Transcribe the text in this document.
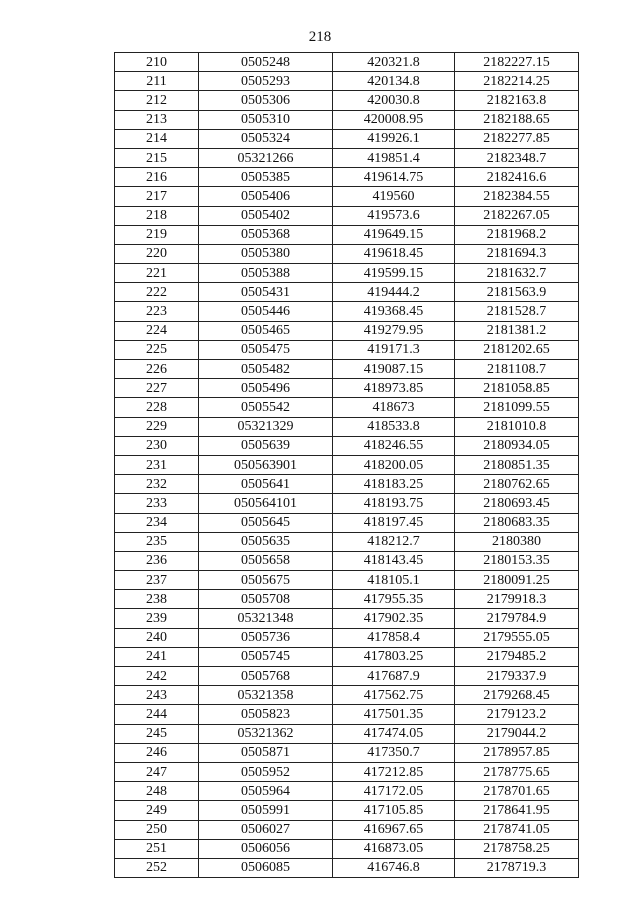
218
210	0505248	420321.8	2182227.15
211	0505293	420134.8	2182214.25
212	0505306	420030.8	2182163.8
213	0505310	420008.95	2182188.65
214	0505324	419926.1	2182277.85
215	05321266	419851.4	2182348.7
216	0505385	419614.75	2182416.6
217	0505406	419560	2182384.55
218	0505402	419573.6	2182267.05
219	0505368	419649.15	2181968.2
220	0505380	419618.45	2181694.3
221	0505388	419599.15	2181632.7
222	0505431	419444.2	2181563.9
223	0505446	419368.45	2181528.7
224	0505465	419279.95	2181381.2
225	0505475	419171.3	2181202.65
226	0505482	419087.15	2181108.7
227	0505496	418973.85	2181058.85
228	0505542	418673	2181099.55
229	05321329	418533.8	2181010.8
230	0505639	418246.55	2180934.05
231	050563901	418200.05	2180851.35
232	0505641	418183.25	2180762.65
233	050564101	418193.75	2180693.45
234	0505645	418197.45	2180683.35
235	0505635	418212.7	2180380
236	0505658	418143.45	2180153.35
237	0505675	418105.1	2180091.25
238	0505708	417955.35	2179918.3
239	05321348	417902.35	2179784.9
240	0505736	417858.4	2179555.05
241	0505745	417803.25	2179485.2
242	0505768	417687.9	2179337.9
243	05321358	417562.75	2179268.45
244	0505823	417501.35	2179123.2
245	05321362	417474.05	2179044.2
246	0505871	417350.7	2178957.85
247	0505952	417212.85	2178775.65
248	0505964	417172.05	2178701.65
249	0505991	417105.85	2178641.95
250	0506027	416967.65	2178741.05
251	0506056	416873.05	2178758.25
252	0506085	416746.8	2178719.3
